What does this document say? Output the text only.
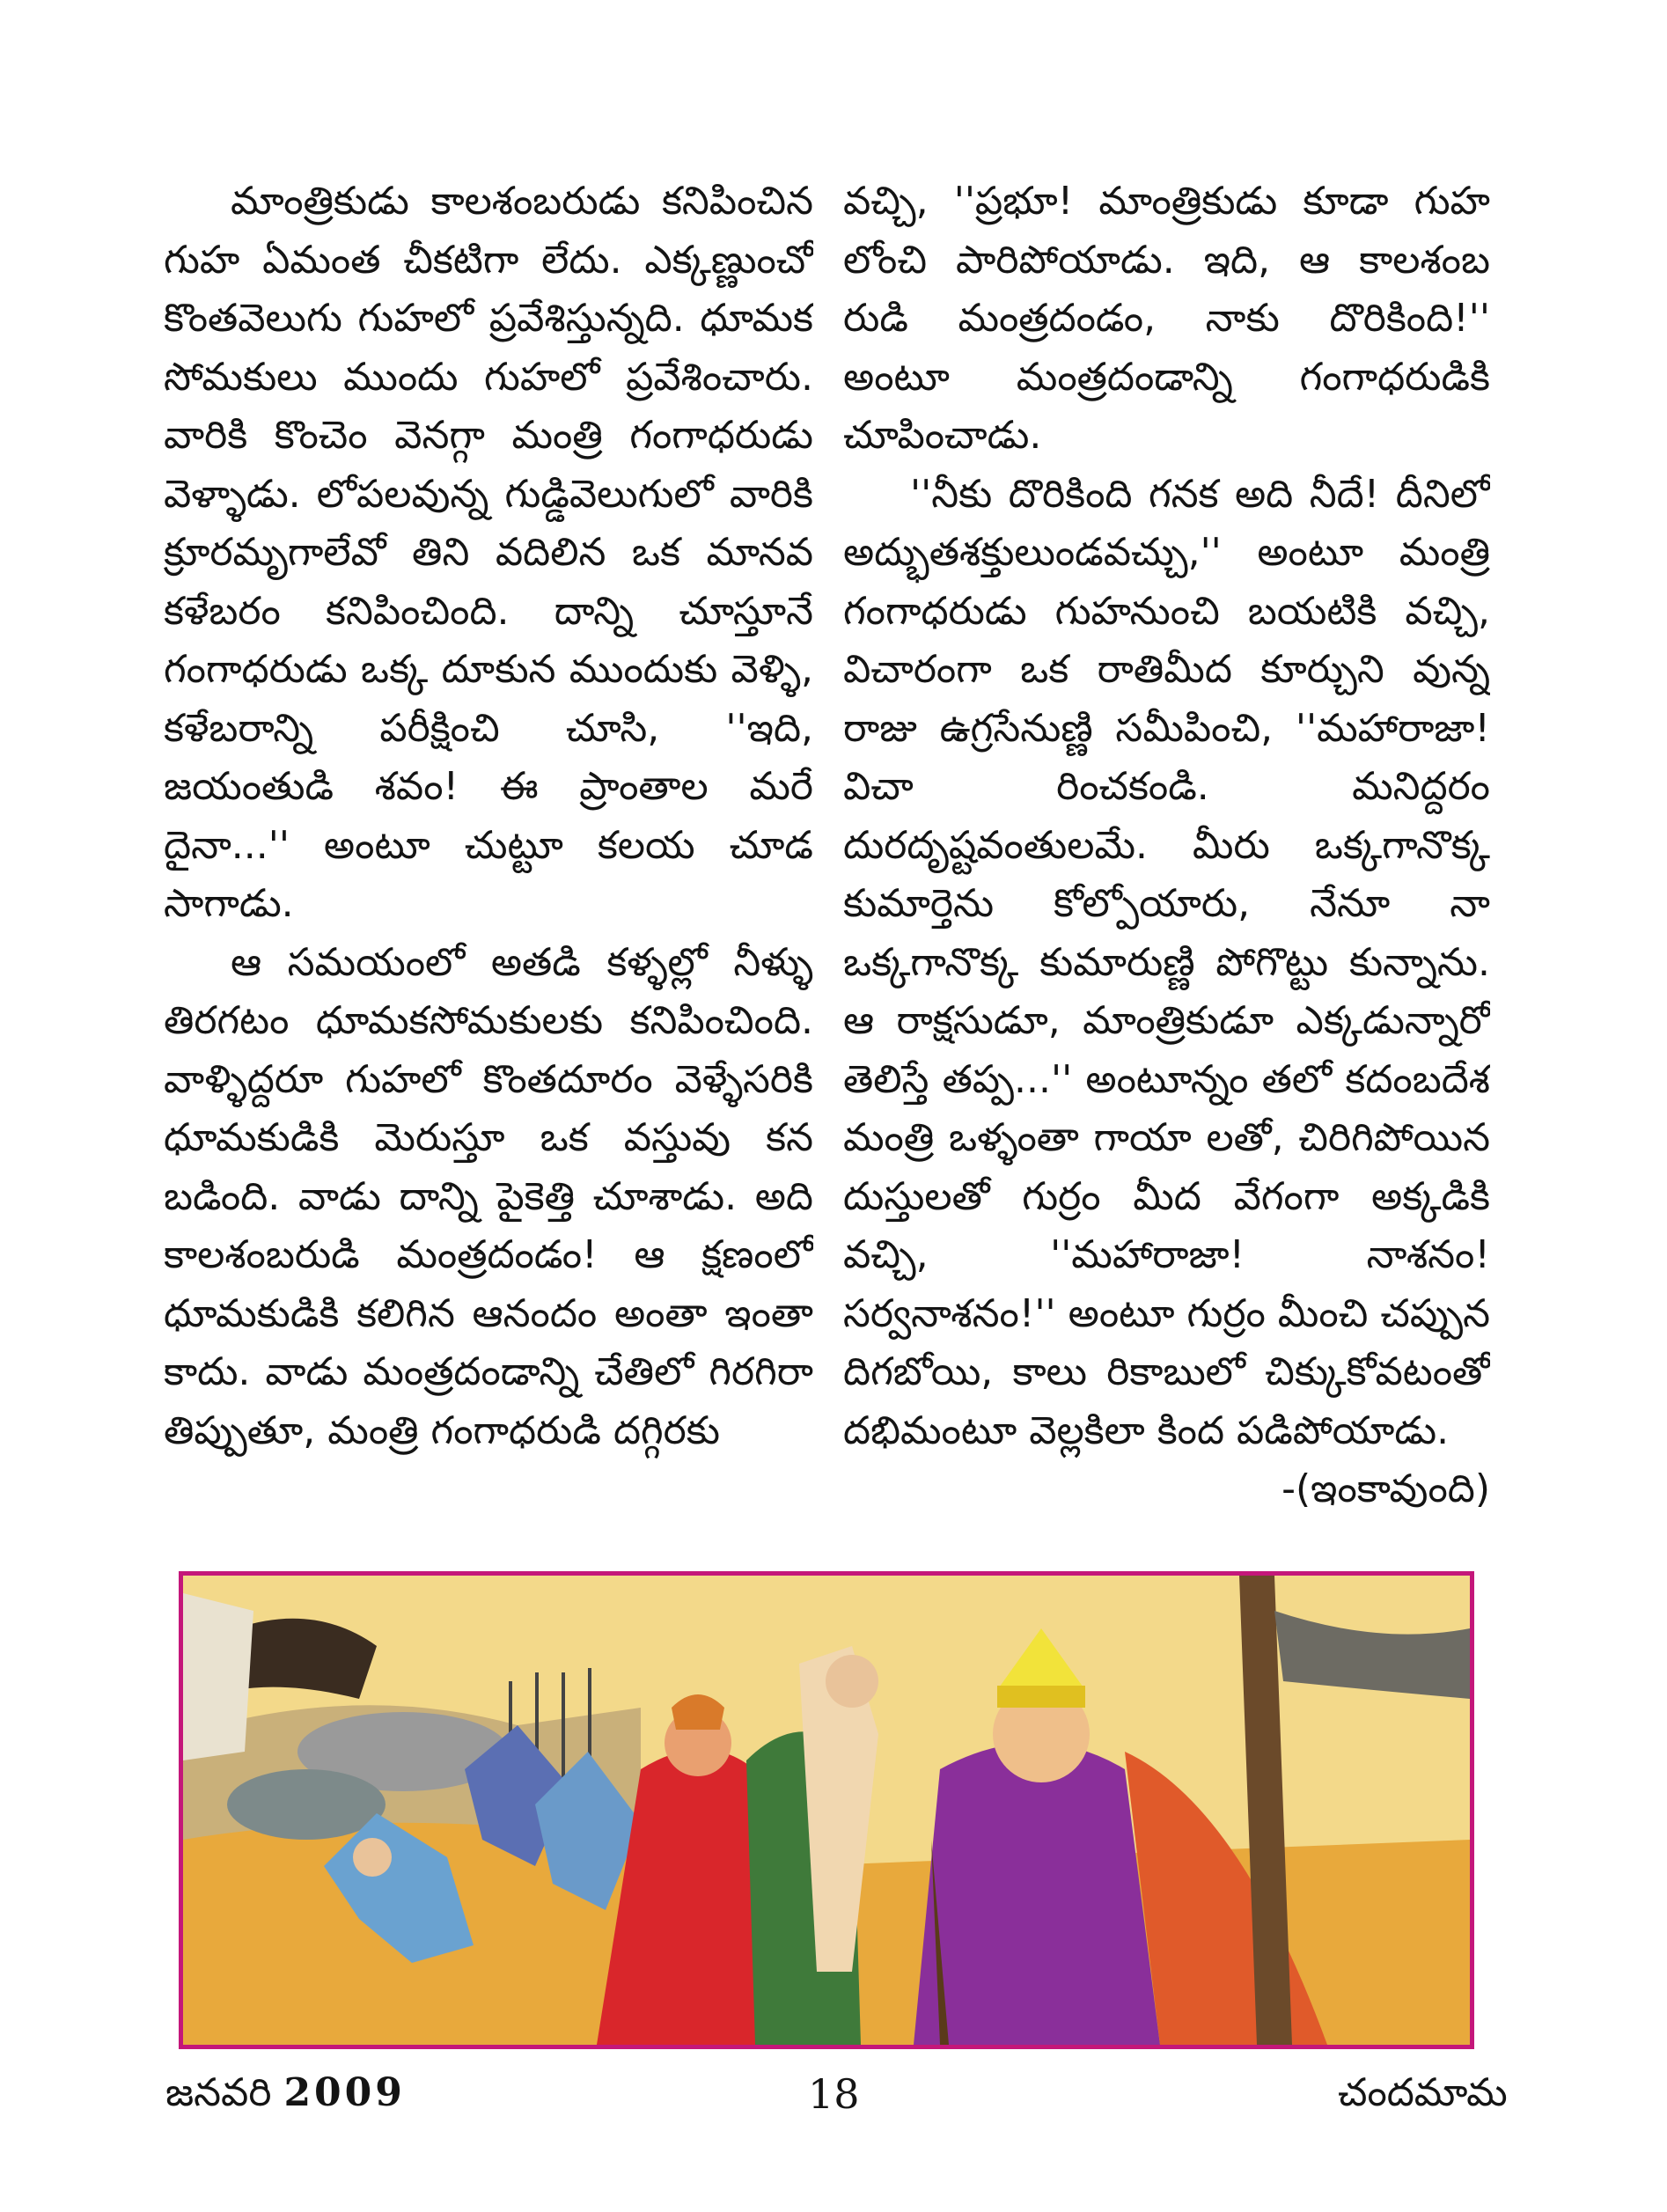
మాంత్రికుడు కాలశంబరుడు కనిపించిన గుహ ఏమంత చీకటిగా లేదు. ఎక్కణ్ణుంచో కొంతవెలుగు గుహలో ప్రవేశిస్తున్నది. ధూమక సోమకులు ముందు గుహలో ప్రవేశించారు. వారికి కొంచెం వెనగ్గా మంత్రి గంగాధరుడు వెళ్ళాడు. లోపలవున్న గుడ్డివెలుగులో వారికి క్రూరమృగాలేవో తిని వదిలిన ఒక మానవ కళేబరం కనిపించింది. దాన్ని చూస్తూనే గంగాధరుడు ఒక్క దూకున ముందుకు వెళ్ళి, కళేబరాన్ని పరీక్షించి చూసి, ''ఇది, జయంతుడి శవం! ఈ ప్రాంతాల మరే దైనా...'' అంటూ చుట్టూ కలయ చూడ సాగాడు.

ఆ సమయంలో అతడి కళ్ళల్లో నీళ్ళు తిరగటం ధూమకసోమకులకు కనిపించింది. వాళ్ళిద్దరూ గుహలో కొంతదూరం వెళ్ళేసరికి ధూమకుడికి మెరుస్తూ ఒక వస్తువు కన బడింది. వాడు దాన్ని పైకెత్తి చూశాడు. అది కాలశంబరుడి మంత్రదండం! ఆ క్షణంలో ధూమకుడికి కలిగిన ఆనందం అంతా ఇంతా కాదు. వాడు మంత్రదండాన్ని చేతిలో గిరగిరా తిప్పుతూ, మంత్రి గంగాధరుడి దగ్గిరకు

వచ్చి, ''ప్రభూ! మాంత్రికుడు కూడా గుహ లోంచి పారిపోయాడు. ఇది, ఆ కాలశంబ రుడి మంత్రదండం, నాకు దొరికింది!'' అంటూ మంత్రదండాన్ని గంగాధరుడికి చూపించాడు.

''నీకు దొరికింది గనక అది నీదే! దీనిలో అద్భుతశక్తులుండవచ్చు,'' అంటూ మంత్రి గంగాధరుడు గుహనుంచి బయటికి వచ్చి, విచారంగా ఒక రాతిమీద కూర్చుని వున్న రాజు ఉగ్రసేనుణ్ణి సమీపించి, ''మహారాజా! విచా రించకండి. మనిద్దరం దురదృష్టవంతులమే. మీరు ఒక్కగానొక్క కుమార్తెను కోల్పోయారు, నేనూ నా ఒక్కగానొక్క కుమారుణ్ణి పోగొట్టు కున్నాను. ఆ రాక్షసుడూ, మాంత్రికుడూ ఎక్కడున్నారో తెలిస్తే తప్ప...'' అంటూన్నం తలో కదంబదేశ మంత్రి ఒళ్ళంతా గాయా లతో, చిరిగిపోయిన దుస్తులతో గుర్రం మీద వేగంగా అక్కడికి వచ్చి, ''మహారాజా! నాశనం! సర్వనాశనం!'' అంటూ గుర్రం మీంచి చప్పున దిగబోయి, కాలు రికాబులో చిక్కుకోవటంతో దభిమంటూ వెల్లకిలా కింద పడిపోయాడు.
-(ఇంకావుంది)

జనవరి 2009	18	చందమామ
